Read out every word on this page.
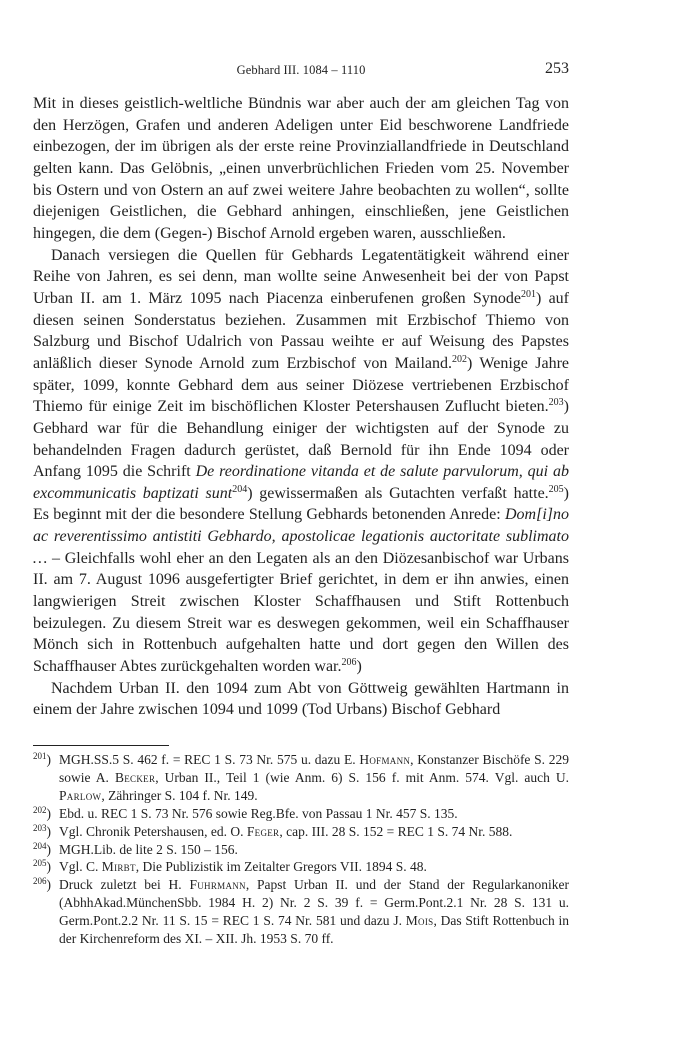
Gebhard III. 1084 – 1110	253

Mit in dieses geistlich-weltliche Bündnis war aber auch der am gleichen Tag von den Herzögen, Grafen und anderen Adeligen unter Eid beschworene Landfriede einbezogen, der im übrigen als der erste reine Provinziallandfriede in Deutschland gelten kann. Das Gelöbnis, „einen unverbrüchlichen Frieden vom 25. November bis Ostern und von Ostern an auf zwei weitere Jahre beobachten zu wollen“, sollte diejenigen Geistlichen, die Gebhard anhingen, einschließen, jene Geistlichen hingegen, die dem (Gegen-) Bischof Arnold ergeben waren, ausschließen.

Danach versiegen die Quellen für Gebhards Legatentätigkeit während einer Reihe von Jahren, es sei denn, man wollte seine Anwesenheit bei der von Papst Urban II. am 1. März 1095 nach Piacenza einberufenen großen Synode$^{201}$) auf diesen seinen Sonderstatus beziehen. Zusammen mit Erzbischof Thiemo von Salzburg und Bischof Udalrich von Passau weihte er auf Weisung des Papstes anläßlich dieser Synode Arnold zum Erzbischof von Mailand.$^{202}$) Wenige Jahre später, 1099, konnte Gebhard dem aus seiner Diözese vertriebenen Erzbischof Thiemo für einige Zeit im bischöflichen Kloster Petershausen Zuflucht bieten.$^{203}$) Gebhard war für die Behandlung einiger der wichtigsten auf der Synode zu behandelnden Fragen dadurch gerüstet, daß Bernold für ihn Ende 1094 oder Anfang 1095 die Schrift De reordinatione vitanda et de salute parvulorum, qui ab excommunicatis baptizati sunt$^{204}$) gewissermaßen als Gutachten verfaßt hatte.$^{205}$) Es beginnt mit der die besondere Stellung Gebhards betonenden Anrede: Dom[i]no ac reverentissimo antistiti Gebhardo, apostolicae legationis auctoritate sublimato … – Gleichfalls wohl eher an den Legaten als an den Diözesanbischof war Urbans II. am 7. August 1096 ausgefertigter Brief gerichtet, in dem er ihn anwies, einen langwierigen Streit zwischen Kloster Schaffhausen und Stift Rottenbuch beizulegen. Zu diesem Streit war es deswegen gekommen, weil ein Schaffhauser Mönch sich in Rottenbuch aufgehalten hatte und dort gegen den Willen des Schaffhauser Abtes zurückgehalten worden war.$^{206}$)

Nachdem Urban II. den 1094 zum Abt von Göttweig gewählten Hartmann in einem der Jahre zwischen 1094 und 1099 (Tod Urbans) Bischof Gebhard

$^{201}$) MGH.SS.5 S. 462 f. = REC 1 S. 73 Nr. 575 u. dazu E. Hofmann, Konstanzer Bischöfe S. 229 sowie A. Becker, Urban II., Teil 1 (wie Anm. 6) S. 156 f. mit Anm. 574. Vgl. auch U. Parlow, Zähringer S. 104 f. Nr. 149.
$^{202}$) Ebd. u. REC 1 S. 73 Nr. 576 sowie Reg.Bfe. von Passau 1 Nr. 457 S. 135.
$^{203}$) Vgl. Chronik Petershausen, ed. O. Feger, cap. III. 28 S. 152 = REC 1 S. 74 Nr. 588.
$^{204}$) MGH.Lib. de lite 2 S. 150 – 156.
$^{205}$) Vgl. C. Mirbt, Die Publizistik im Zeitalter Gregors VII. 1894 S. 48.
$^{206}$) Druck zuletzt bei H. Fuhrmann, Papst Urban II. und der Stand der Regularkanoniker (AbhhAkad.MünchenSbb. 1984 H. 2) Nr. 2 S. 39 f. = Germ.Pont.2.1 Nr. 28 S. 131 u. Germ.Pont.2.2 Nr. 11 S. 15 = REC 1 S. 74 Nr. 581 und dazu J. Mois, Das Stift Rottenbuch in der Kirchenreform des XI. – XII. Jh. 1953 S. 70 ff.
